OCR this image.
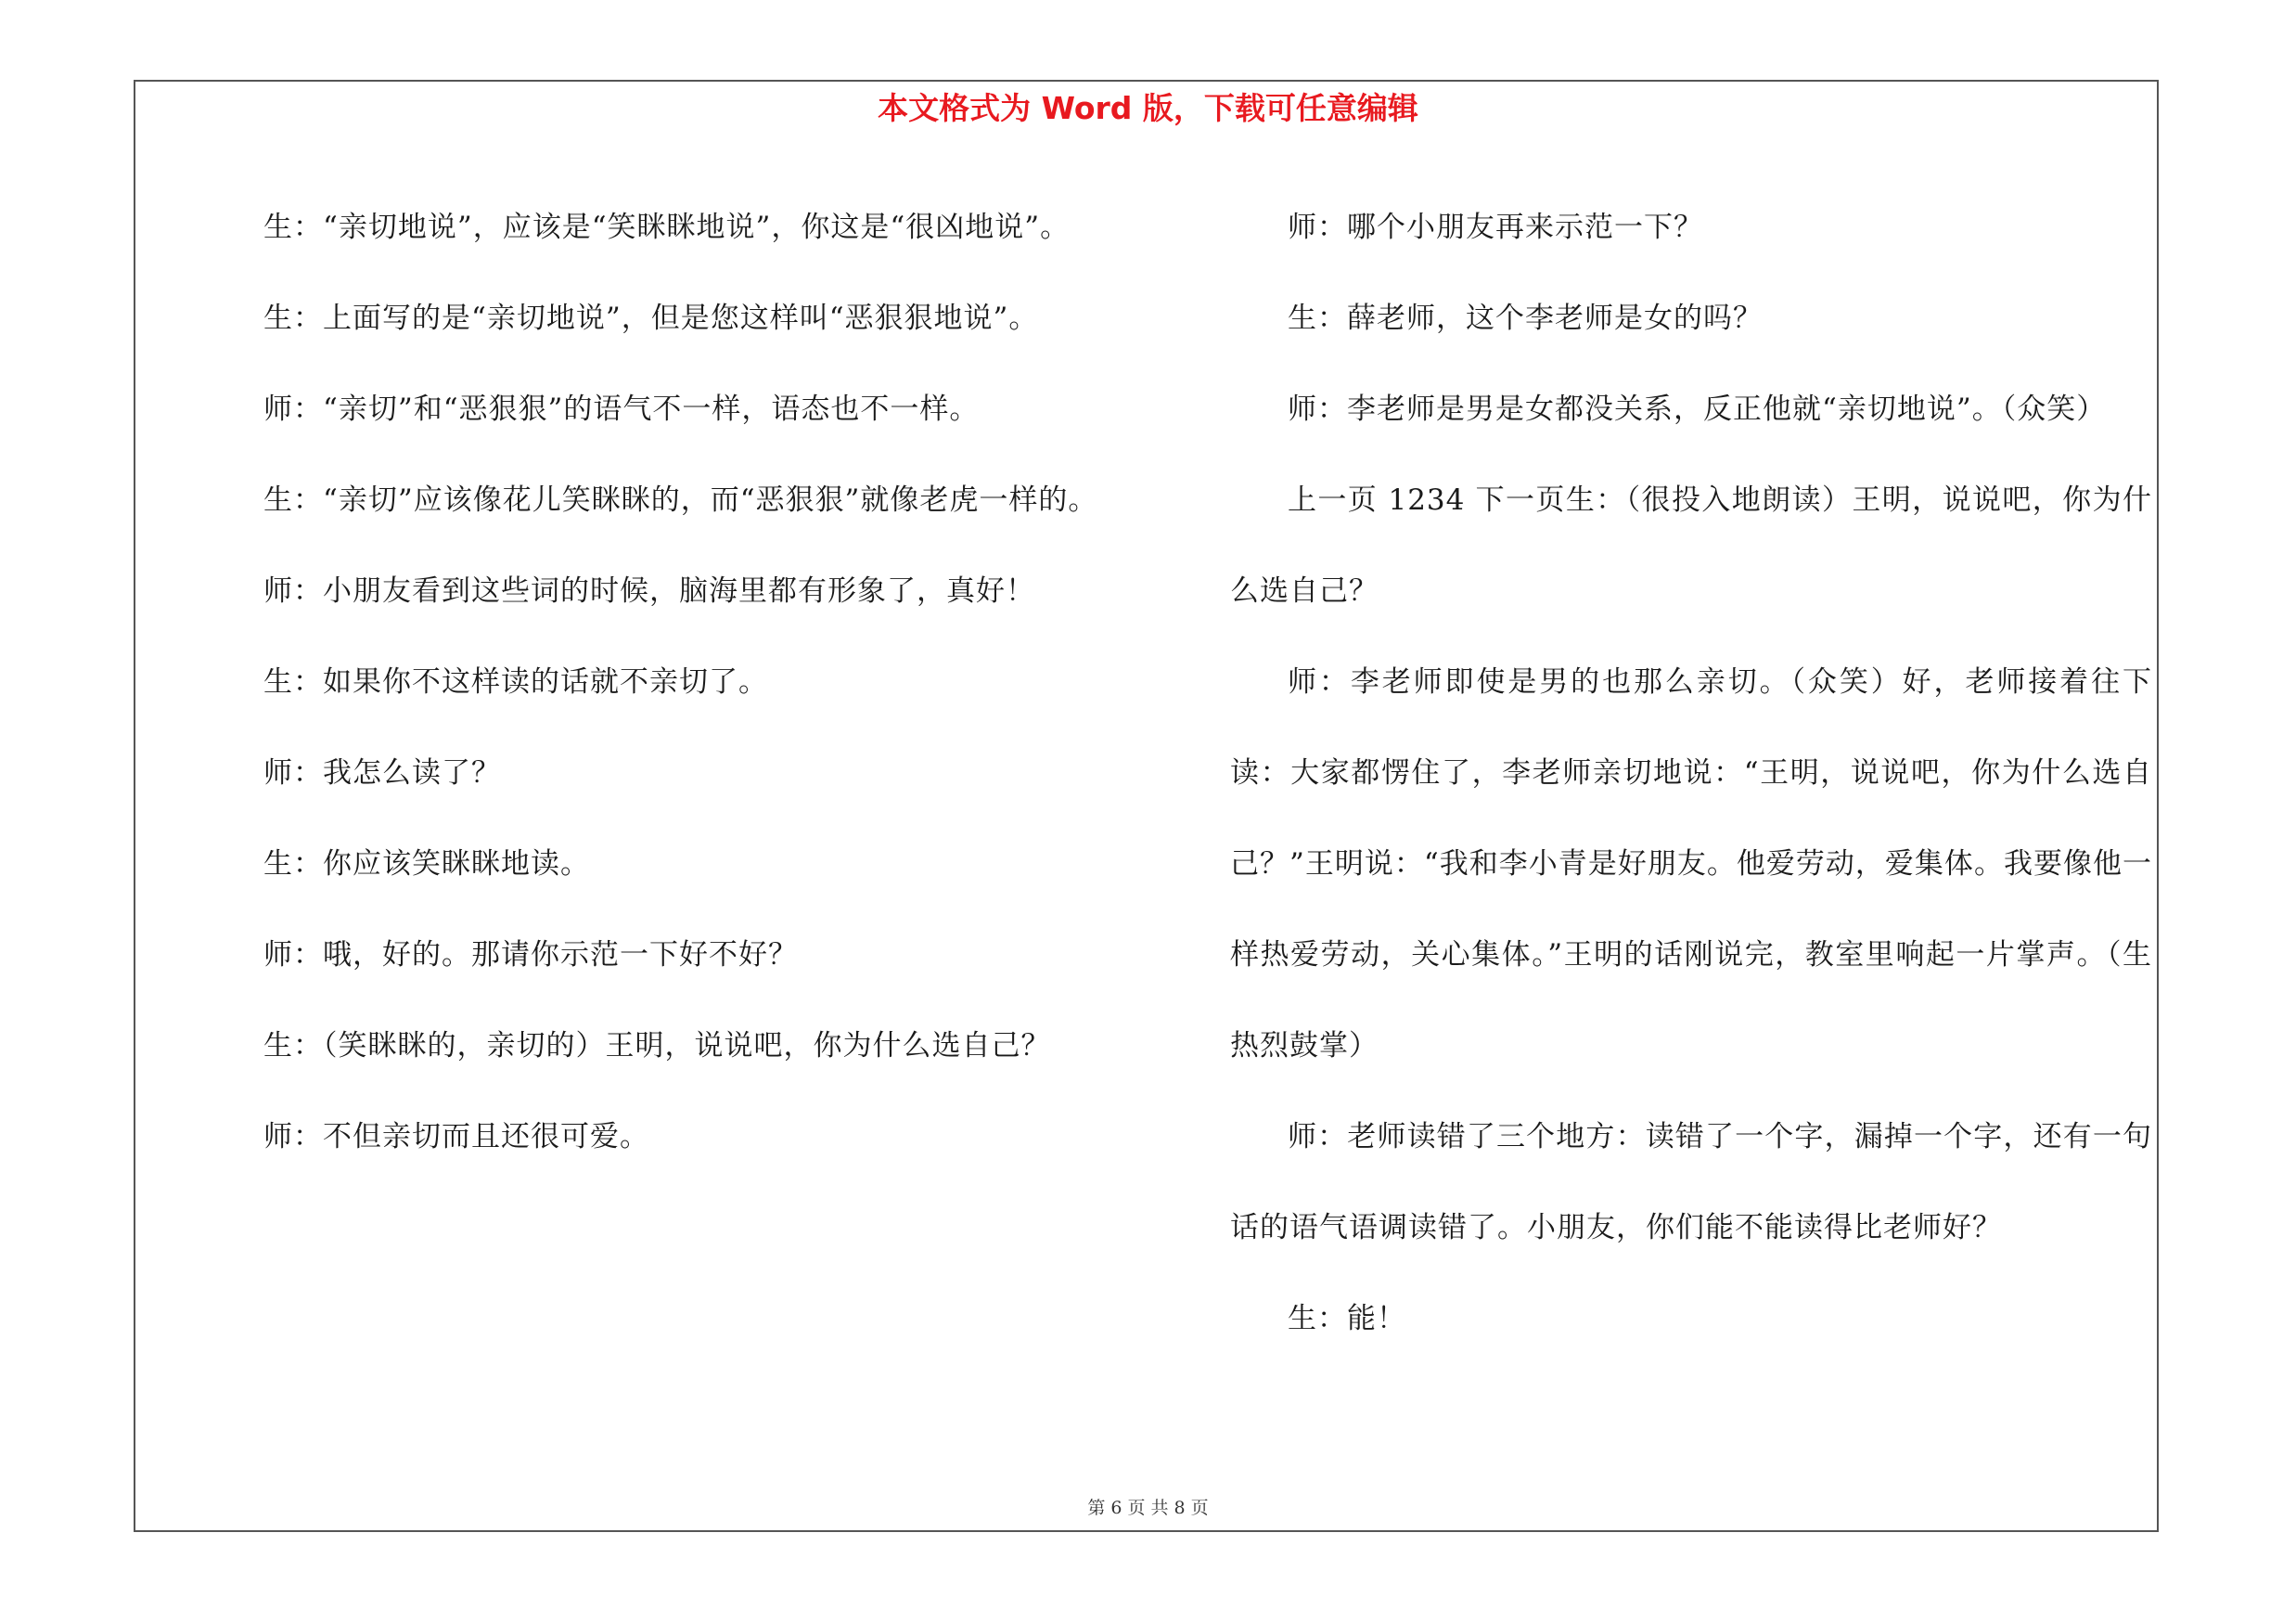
本文格式为 Word 版，下载可任意编辑

生：“亲切地说”，应该是“笑眯眯地说”，你这是“很凶地说”。

生：上面写的是“亲切地说”，但是您这样叫“恶狠狠地说”。

师：“亲切”和“恶狠狠”的语气不一样，语态也不一样。

生：“亲切”应该像花儿笑眯眯的，而“恶狠狠”就像老虎一样的。

师：小朋友看到这些词的时候，脑海里都有形象了，真好！

生：如果你不这样读的话就不亲切了。

师：我怎么读了？

生：你应该笑眯眯地读。

师：哦，好的。那请你示范一下好不好？

生：（笑眯眯的，亲切的）王明，说说吧，你为什么选自己？

师：不但亲切而且还很可爱。

师：哪个小朋友再来示范一下？

生：薛老师，这个李老师是女的吗？

师：李老师是男是女都没关系，反正他就“亲切地说”。（众笑）

上一页 1234 下一页生：（很投入地朗读）王明，说说吧，你为什么选自己？

师：李老师即使是男的也那么亲切。（众笑）好，老师接着往下读：大家都愣住了，李老师亲切地说：“王明，说说吧，你为什么选自己？”王明说：“我和李小青是好朋友。他爱劳动，爱集体。我要像他一样热爱劳动，关心集体。”王明的话刚说完，教室里响起一片掌声。（生热烈鼓掌）

师：老师读错了三个地方：读错了一个字，漏掉一个字，还有一句话的语气语调读错了。小朋友，你们能不能读得比老师好？

生：能！

第 6 页 共 8 页
